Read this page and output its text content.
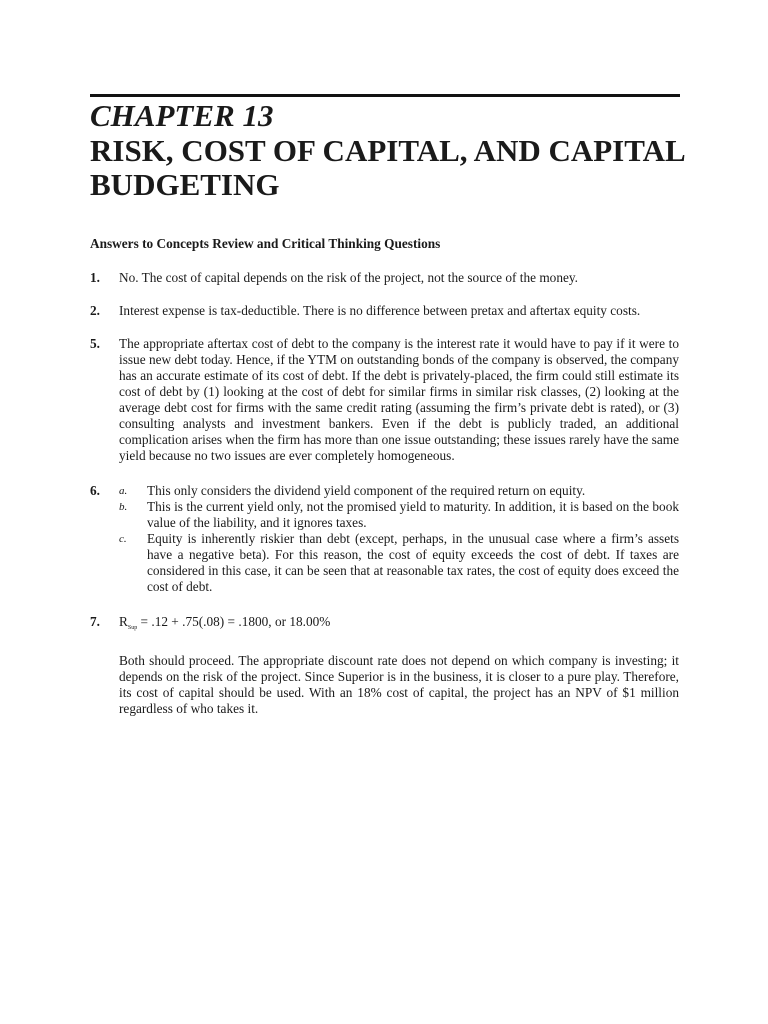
CHAPTER 13
RISK, COST OF CAPITAL, AND CAPITAL BUDGETING
Answers to Concepts Review and Critical Thinking Questions
1. No. The cost of capital depends on the risk of the project, not the source of the money.

2. Interest expense is tax-deductible. There is no difference between pretax and aftertax equity costs.

5. The appropriate aftertax cost of debt to the company is the interest rate it would have to pay if it were to issue new debt today. Hence, if the YTM on outstanding bonds of the company is observed, the company has an accurate estimate of its cost of debt. If the debt is privately-placed, the firm could still estimate its cost of debt by (1) looking at the cost of debt for similar firms in similar risk classes, (2) looking at the average debt cost for firms with the same credit rating (assuming the firm’s private debt is rated), or (3) consulting analysts and investment bankers. Even if the debt is publicly traded, an additional complication arises when the firm has more than one issue outstanding; these issues rarely have the same yield because no two issues are ever completely homogeneous.

6. a. This only considers the dividend yield component of the required return on equity.
b. This is the current yield only, not the promised yield to maturity. In addition, it is based on the book value of the liability, and it ignores taxes.
c. Equity is inherently riskier than debt (except, perhaps, in the unusual case where a firm’s assets have a negative beta). For this reason, the cost of equity exceeds the cost of debt. If taxes are considered in this case, it can be seen that at reasonable tax rates, the cost of equity does exceed the cost of debt.
7. $R_{Sup} = .12 + .75(.08) = .1800$, or 18.00%

Both should proceed. The appropriate discount rate does not depend on which company is investing; it depends on the risk of the project. Since Superior is in the business, it is closer to a pure play. Therefore, its cost of capital should be used. With an 18% cost of capital, the project has an NPV of $1 million regardless of who takes it.
